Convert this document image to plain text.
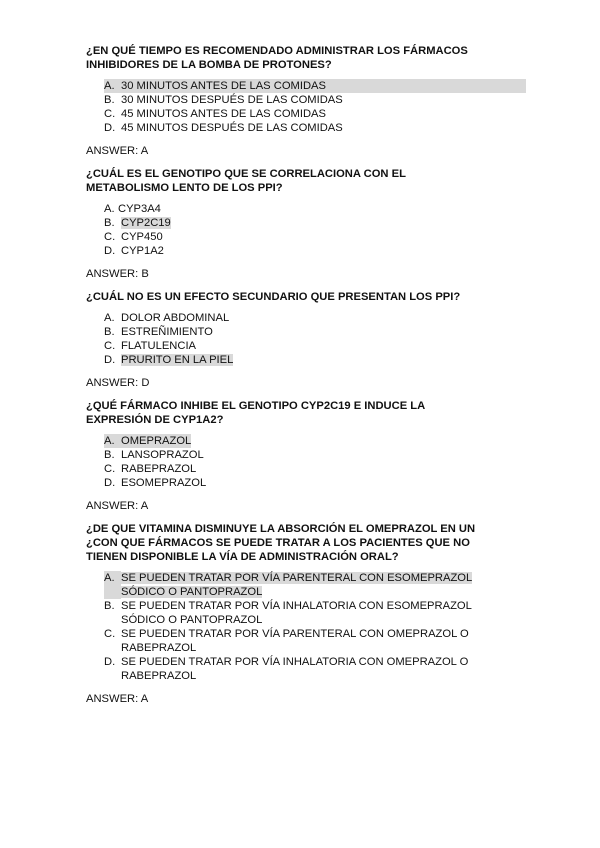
¿EN QUÉ TIEMPO ES RECOMENDADO ADMINISTRAR LOS FÁRMACOS
INHIBIDORES DE LA BOMBA DE PROTONES?

A. 30 MINUTOS ANTES DE LAS COMIDAS
B. 30 MINUTOS DESPUÉS DE LAS COMIDAS
C. 45 MINUTOS ANTES DE LAS COMIDAS
D. 45 MINUTOS DESPUÉS DE LAS COMIDAS

ANSWER: A

¿CUÁL ES EL GENOTIPO QUE SE CORRELACIONA CON EL
METABOLISMO LENTO DE LOS PPI?

A. CYP3A4
B. CYP2C19
C. CYP450
D. CYP1A2

ANSWER: B

¿CUÁL NO ES UN EFECTO SECUNDARIO QUE PRESENTAN LOS PPI?

A. DOLOR ABDOMINAL
B. ESTREÑIMIENTO
C. FLATULENCIA
D. PRURITO EN LA PIEL

ANSWER: D

¿QUÉ FÁRMACO INHIBE EL GENOTIPO CYP2C19 E INDUCE LA
EXPRESIÓN DE CYP1A2?

A. OMEPRAZOL
B. LANSOPRAZOL
C. RABEPRAZOL
D. ESOMEPRAZOL

ANSWER: A

¿DE QUE VITAMINA DISMINUYE LA ABSORCIÓN EL OMEPRAZOL EN UN
¿CON QUE FÁRMACOS SE PUEDE TRATAR A LOS PACIENTES QUE NO
TIENEN DISPONIBLE LA VÍA DE ADMINISTRACIÓN ORAL?

A. SE PUEDEN TRATAR POR VÍA PARENTERAL CON ESOMEPRAZOL
SÓDICO O PANTOPRAZOL
B. SE PUEDEN TRATAR POR VÍA INHALATORIA CON ESOMEPRAZOL
SÓDICO O PANTOPRAZOL
C. SE PUEDEN TRATAR POR VÍA PARENTERAL CON OMEPRAZOL O
RABEPRAZOL
D. SE PUEDEN TRATAR POR VÍA INHALATORIA CON OMEPRAZOL O
RABEPRAZOL

ANSWER: A
